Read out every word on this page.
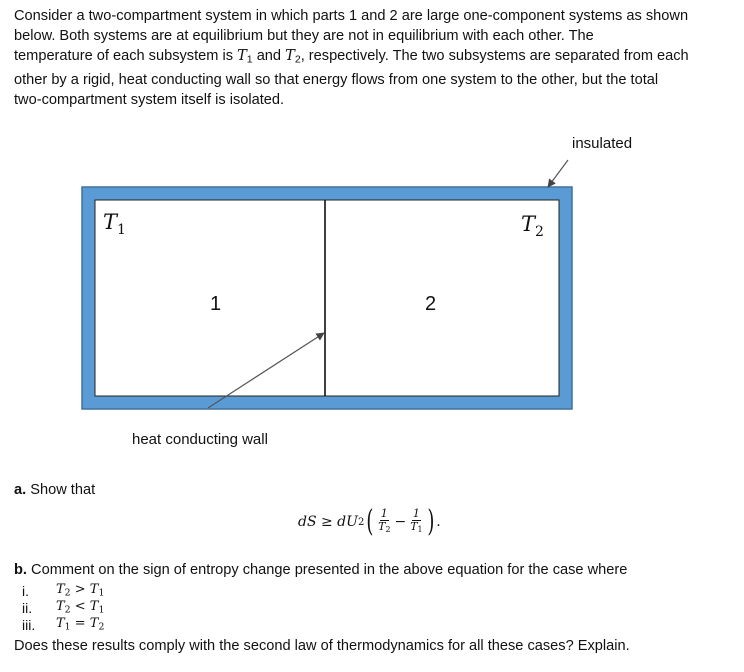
Consider a two-compartment system in which parts 1 and 2 are large one-component systems as shown
below. Both systems are at equilibrium but they are not in equilibrium with each other. The
temperature of each subsystem is $T_1$ and $T_2$, respectively. The two subsystems are separated from each
other by a rigid, heat conducting wall so that energy flows from one system to the other, but the total
two-compartment system itself is isolated.
$T_1$	$T_2$
1	2
insulated
heat conducting wall

a. Show that

dS ≥ dU 2 ( $\frac{1}{T_2} - \frac{1}{T_1}$ ) .

b. Comment on the sign of entropy change presented in the above equation for the case where

i.	$T_2 > T_1$
ii.	$T_2 < T_1$
iii.	$T_1 = T_2$

Does these results comply with the second law of thermodynamics for all these cases? Explain.
